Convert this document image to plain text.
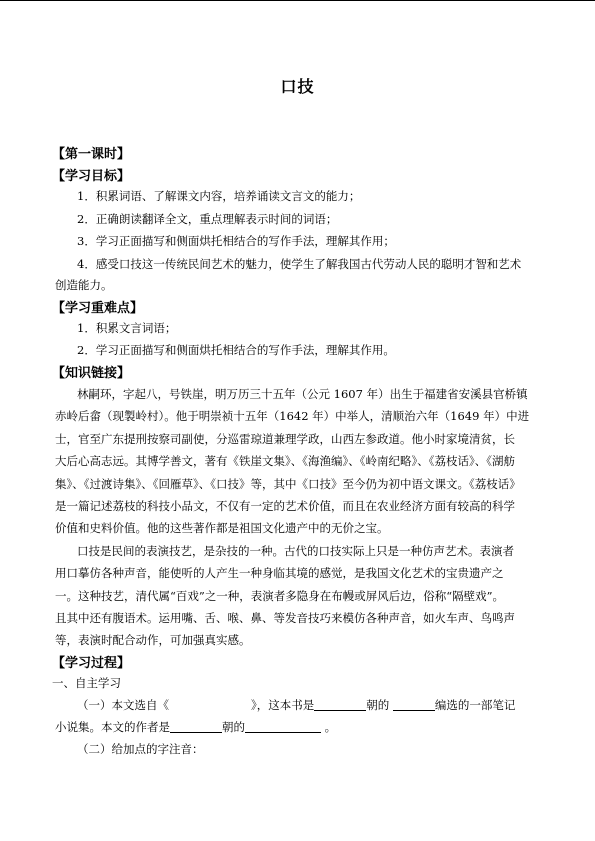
口技
【第一课时】
【学习目标】
1．积累词语、了解课文内容，培养诵读文言文的能力；
2．正确朗读翻译全文，重点理解表示时间的词语；
3．学习正面描写和侧面烘托相结合的写作手法，理解其作用；
4．感受口技这一传统民间艺术的魅力，使学生了解我国古代劳动人民的聪明才智和艺术
创造能力。
【学习重难点】
1．积累文言词语；
2．学习正面描写和侧面烘托相结合的写作手法，理解其作用。
【知识链接】
林嗣环，字起八，号铁崖，明万历三十五年（公元 1607 年）出生于福建省安溪县官桥镇
赤岭后畲（现製岭村）。他于明崇祯十五年（1642 年）中举人，清顺治六年（1649 年）中进
士，官至广东提刑按察司副使，分巡雷琼道兼理学政，山西左参政道。他小时家境清贫，长
大后心高志远。其博学善文，著有《铁崖文集》、《海渔编》、《岭南纪略》、《荔枝话》、《湖舫
集》、《过渡诗集》、《回雁草》、《口技》等，其中《口技》至今仍为初中语文课文。《荔枝话》
是一篇记述荔枝的科技小品文，不仅有一定的艺术价值，而且在农业经济方面有较高的科学
价值和史料价值。他的这些著作都是祖国文化遗产中的无价之宝。
口技是民间的表演技艺，是杂技的一种。古代的口技实际上只是一种仿声艺术。表演者
用口摹仿各种声音，能使听的人产生一种身临其境的感觉，是我国文化艺术的宝贵遗产之
一。这种技艺，清代属“百戏”之一种，表演者多隐身在布幔或屏风后边，俗称“隔壁戏”。
且其中还有腹语术。运用嘴、舌、喉、鼻、等发音技巧来模仿各种声音，如火车声、鸟鸣声
等，表演时配合动作，可加强真实感。
【学习过程】
一、自主学习
（一）本文选自《	》，这本书是	朝的	编选的一部笔记
小说集。本文的作者是	朝的	。
（二）给加点的字注音：
